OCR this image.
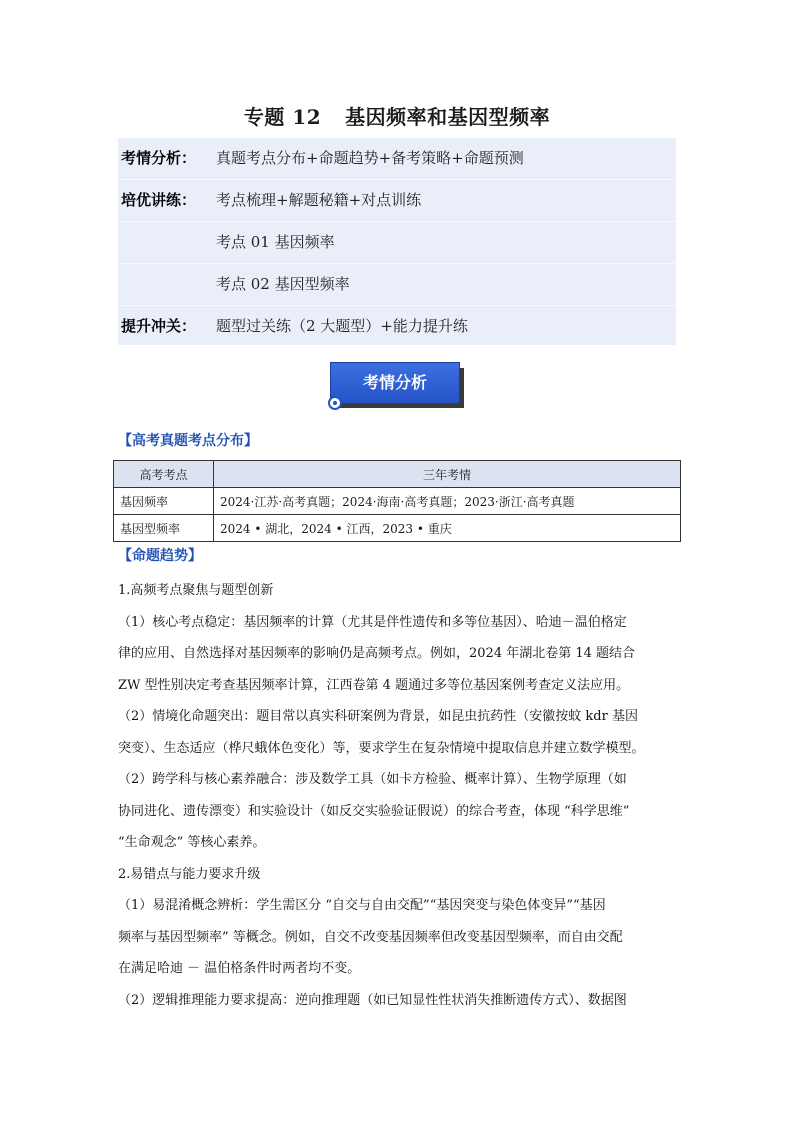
专题 12 基因频率和基因型频率
考情分析： 真题考点分布+命题趋势+备考策略+命题预测
培优讲练： 考点梳理+解题秘籍+对点训练
考点 01 基因频率
考点 02 基因型频率
提升冲关： 题型过关练（2 大题型）+能力提升练
考情分析
【高考真题考点分布】
高考考点	三年考情
基因频率	2024·江苏·高考真题；2024·海南·高考真题；2023·浙江·高考真题
基因型频率	2024 • 湖北，2024 • 江西，2023 • 重庆
【命题趋势】

1.高频考点聚焦与题型创新

（1）核心考点稳定：基因频率的计算（尤其是伴性遗传和多等位基因）、哈迪－温伯格定

律的应用、自然选择对基因频率的影响仍是高频考点。例如，2024 年湖北卷第 14 题结合

ZW 型性别决定考查基因频率计算，江西卷第 4 题通过多等位基因案例考查定义法应用。

（2）情境化命题突出：题目常以真实科研案例为背景，如昆虫抗药性（安徽按蚊 kdr 基因

突变）、生态适应（桦尺蛾体色变化）等，要求学生在复杂情境中提取信息并建立数学模型。

（2）跨学科与核心素养融合：涉及数学工具（如卡方检验、概率计算）、生物学原理（如

协同进化、遗传漂变）和实验设计（如反交实验验证假说）的综合考查，体现 “科学思维”

“生命观念” 等核心素养。

2.易错点与能力要求升级

（1）易混淆概念辨析：学生需区分 “自交与自由交配”“基因突变与染色体变异”“基因

频率与基因型频率” 等概念。例如，自交不改变基因频率但改变基因型频率，而自由交配

在满足哈迪 － 温伯格条件时两者均不变。

（2）逻辑推理能力要求提高：逆向推理题（如已知显性性状消失推断遗传方式）、数据图
